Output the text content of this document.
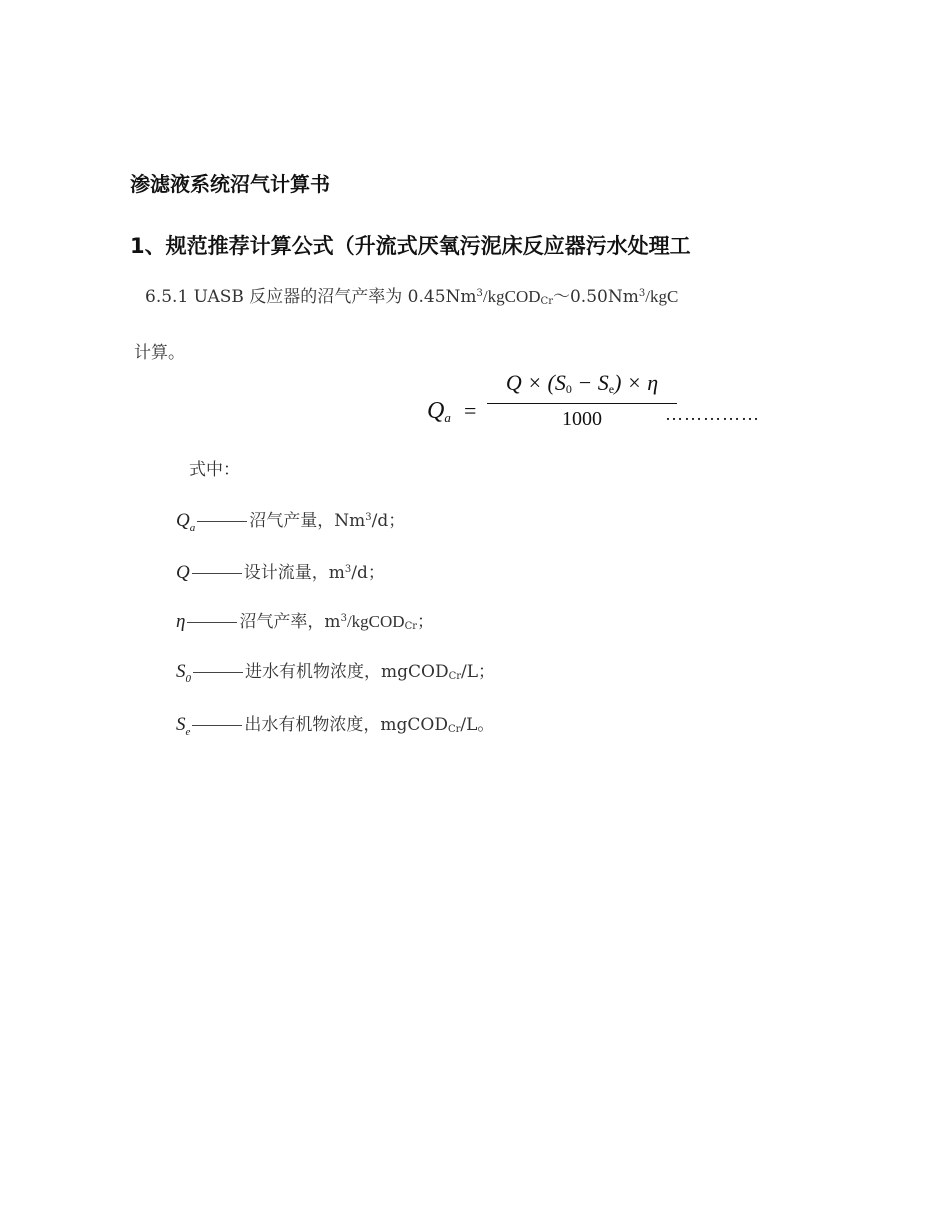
渗滤液系统沼气计算书
1、规范推荐计算公式（升流式厌氧污泥床反应器污水处理工
6.5.1 UASB 反应器的沼气产率为 $0.45Nm^3/kgCOD_{Cr}\sim 0.50Nm^3$/kgC
计算。
$Q_a$ =
$Q \times (S_0 - S_e) \times \eta$
1000	……………
式中：
$Q_a$	沼气产量，Nm$^3$/d；
Q	设计流量，$m^3/d$；
η	沼气产率，$m^3/kgCOD_{Cr}$；
$S_0$	进水有机物浓度，mgCOD$_{Cr}$/L；
$S_e$	出水有机物浓度，mgCOD$_{Cr}$/L。
